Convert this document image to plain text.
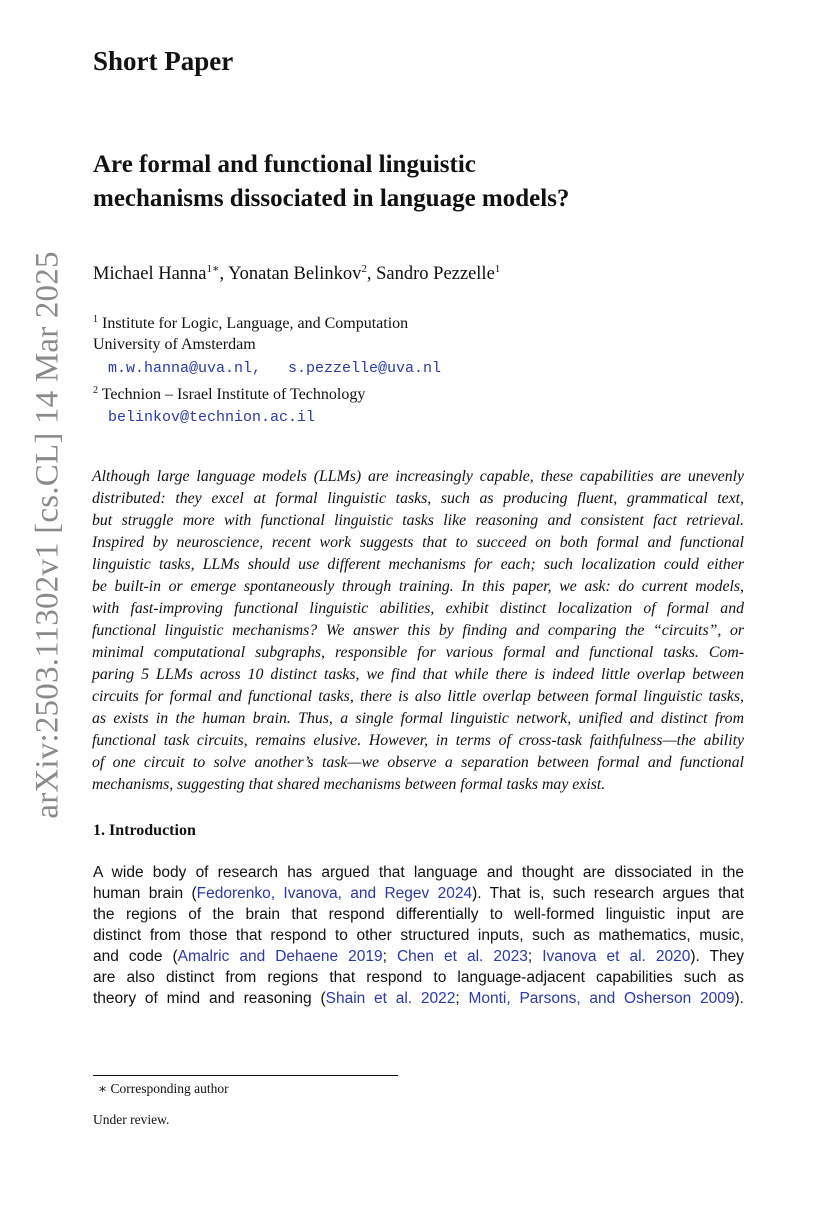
arXiv:2503.11302v1 [cs.CL] 14 Mar 2025
Short Paper
Are formal and functional linguistic
mechanisms dissociated in language models?
Michael Hanna$^{1∗}$, Yonatan Belinkov$^2$, Sandro Pezzelle$^1$
$^1$ Institute for Logic, Language, and Computation
University of Amsterdam
m.w.hanna@uva.nl,   s.pezzelle@uva.nl
$^2$ Technion – Israel Institute of Technology
belinkov@technion.ac.il
Although large language models (LLMs) are increasingly capable, these capabilities are unevenly
distributed: they excel at formal linguistic tasks, such as producing fluent, grammatical text,
but struggle more with functional linguistic tasks like reasoning and consistent fact retrieval.
Inspired by neuroscience, recent work suggests that to succeed on both formal and functional
linguistic tasks, LLMs should use different mechanisms for each; such localization could either
be built-in or emerge spontaneously through training. In this paper, we ask: do current models,
with fast-improving functional linguistic abilities, exhibit distinct localization of formal and
functional linguistic mechanisms? We answer this by finding and comparing the “circuits”, or
minimal computational subgraphs, responsible for various formal and functional tasks. Com-
paring 5 LLMs across 10 distinct tasks, we find that while there is indeed little overlap between
circuits for formal and functional tasks, there is also little overlap between formal linguistic tasks,
as exists in the human brain. Thus, a single formal linguistic network, unified and distinct from
functional task circuits, remains elusive. However, in terms of cross-task faithfulness—the ability
of one circuit to solve another’s task—we observe a separation between formal and functional
mechanisms, suggesting that shared mechanisms between formal tasks may exist.
1. Introduction
A wide body of research has argued that language and thought are dissociated in the
human brain (Fedorenko, Ivanova, and Regev 2024). That is, such research argues that
the regions of the brain that respond differentially to well-formed linguistic input are
distinct from those that respond to other structured inputs, such as mathematics, music,
and code (Amalric and Dehaene 2019; Chen et al. 2023; Ivanova et al. 2020). They
are also distinct from regions that respond to language-adjacent capabilities such as
theory of mind and reasoning (Shain et al. 2022; Monti, Parsons, and Osherson 2009).
∗ Corresponding author
Under review.
